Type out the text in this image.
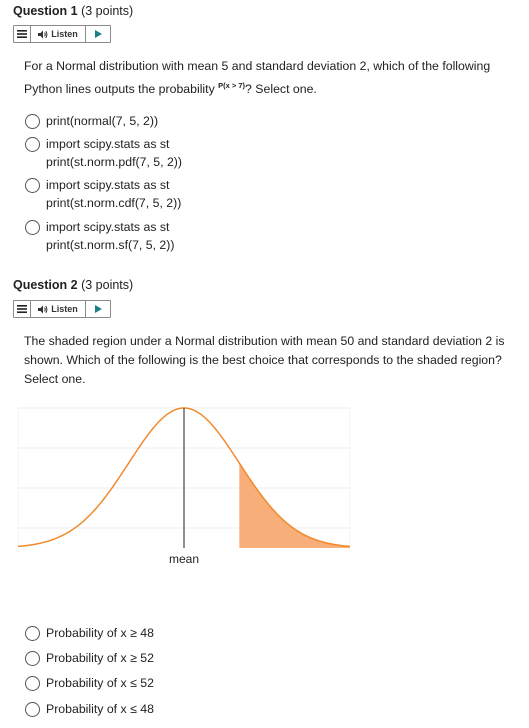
Question 1 (3 points)
Listen
For a Normal distribution with mean 5 and standard deviation 2, which of the following Python lines outputs the probability $^{P(x > 7)}$? Select one.
print(normal(7, 5, 2))
import scipy.stats as st
print(st.norm.pdf(7, 5, 2))
import scipy.stats as st
print(st.norm.cdf(7, 5, 2))
import scipy.stats as st
print(st.norm.sf(7, 5, 2))
Question 2 (3 points)
Listen
The shaded region under a Normal distribution with mean 50 and standard deviation 2 is shown. Which of the following is the best choice that corresponds to the shaded region? Select one.
mean
Probability of x ≥ 48
Probability of x ≥ 52
Probability of x ≤ 52
Probability of x ≤ 48
